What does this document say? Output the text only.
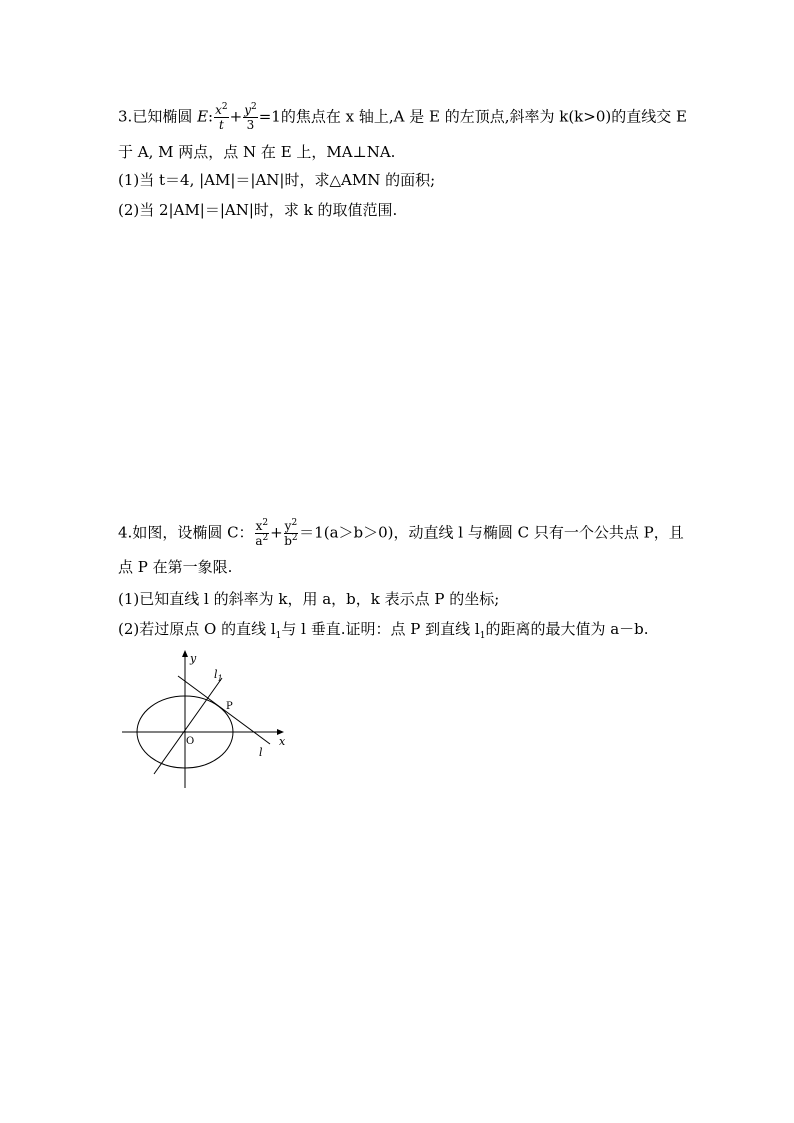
3.已知椭圆 E: $\frac{x^2}{t} + \frac{y^2}{3} =1$的焦点在 x 轴上,A 是 E 的左顶点,斜率为 k(k>0)的直线交 E
于 A, M 两点，点 N 在 E 上，MA⊥NA.
(1)当 t＝4, |AM|＝|AN|时，求△AMN 的面积;
(2)当 2|AM|＝|AN|时，求 k 的取值范围.
4.如图，设椭圆 C： $\frac{x^2}{a^2} + \frac{y^2}{b^2} =1(a>b>0)$，动直线 l 与椭圆 C 只有一个公共点 P，且
点 P 在第一象限.
(1)已知直线 l 的斜率为 k，用 a，b，k 表示点 P 的坐标;
(2)若过原点 O 的直线 $l_1$与 l 垂直.证明：点 P 到直线 $l_1$的距离的最大值为 a－b.
y
$l_1$
P
O	x
l
